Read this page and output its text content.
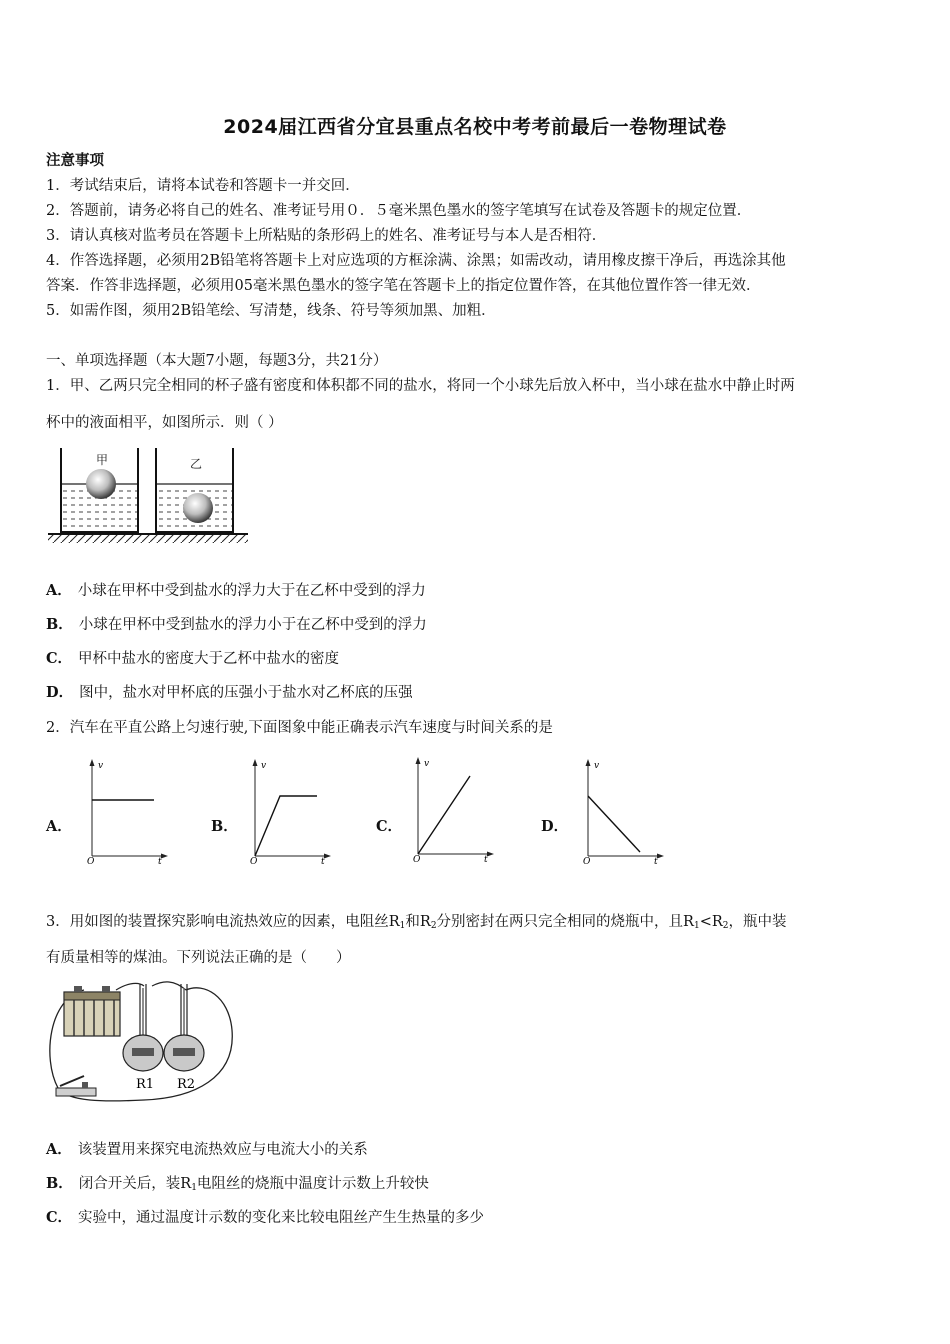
2024届江西省分宜县重点名校中考考前最后一卷物理试卷
注意事项
1．考试结束后，请将本试卷和答题卡一并交回．
2．答题前，请务必将自己的姓名、准考证号用０．５毫米黑色墨水的签字笔填写在试卷及答题卡的规定位置．
3．请认真核对监考员在答题卡上所粘贴的条形码上的姓名、准考证号与本人是否相符．
4．作答选择题，必须用2B铅笔将答题卡上对应选项的方框涂满、涂黑；如需改动，请用橡皮擦干净后，再选涂其他
答案．作答非选择题，必须用05毫米黑色墨水的签字笔在答题卡上的指定位置作答，在其他位置作答一律无效．
5．如需作图，须用2B铅笔绘、写清楚，线条、符号等须加黑、加粗．
一、单项选择题（本大题7小题，每题3分，共21分）
1．甲、乙两只完全相同的杯子盛有密度和体积都不同的盐水，将同一个小球先后放入杯中，当小球在盐水中静止时两
杯中的液面相平，如图所示．则（ ）
甲	乙
A． 小球在甲杯中受到盐水的浮力大于在乙杯中受到的浮力
B． 小球在甲杯中受到盐水的浮力小于在乙杯中受到的浮力
C． 甲杯中盐水的密度大于乙杯中盐水的密度
D． 图中，盐水对甲杯底的压强小于盐水对乙杯底的压强
2．汽车在平直公路上匀速行驶,下面图象中能正确表示汽车速度与时间关系的是
A．
v
t
O
B．
v
t
O
C．
v
t
O
D．
v
t
O
3．用如图的装置探究影响电流热效应的因素，电阻丝$R_1$和$R_2$分别密封在两只完全相同的烧瓶中，且$R_1<R_2$，瓶中装
有质量相等的煤油。下列说法正确的是（　　）
R1 R2
A． 该装置用来探究电流热效应与电流大小的关系
B． 闭合开关后，装$R_1$电阻丝的烧瓶中温度计示数上升较快
C． 实验中，通过温度计示数的变化来比较电阻丝产生生热量的多少
